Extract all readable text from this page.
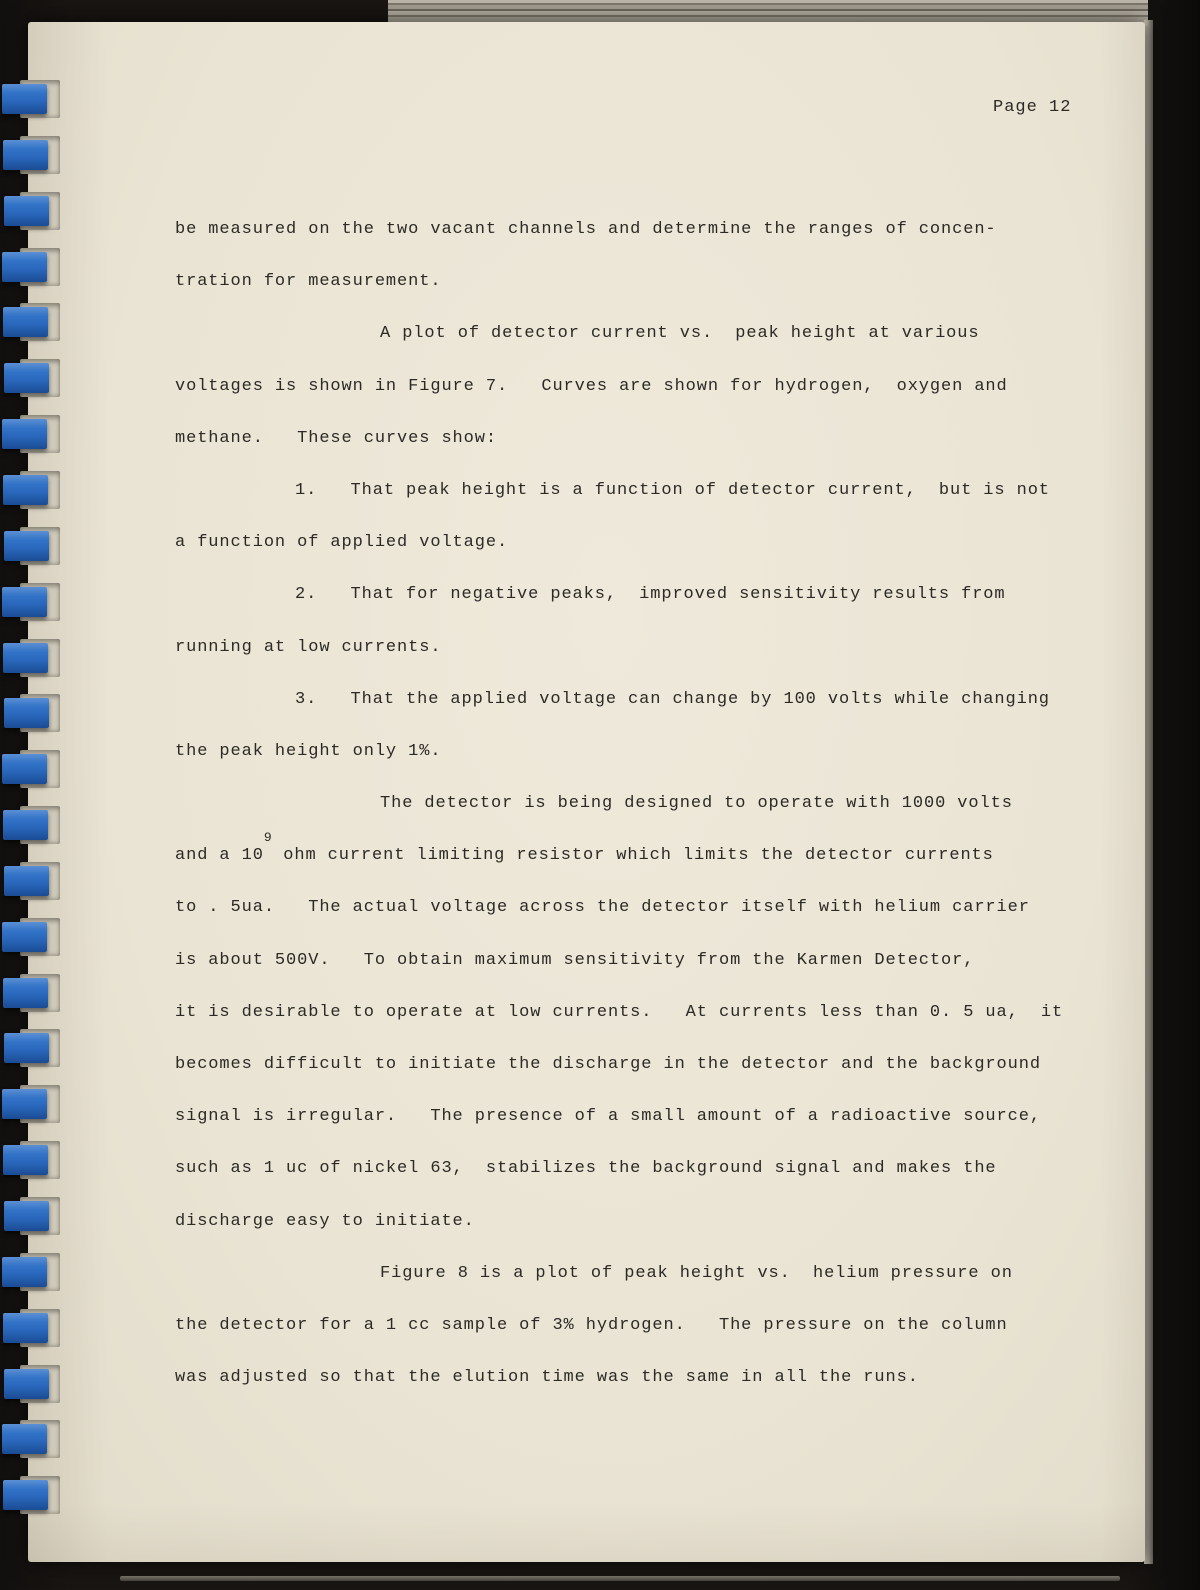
Page 12
be measured on the two vacant channels and determine the ranges of concen-
tration for measurement.
A plot of detector current vs.  peak height at various
voltages is shown in Figure 7.   Curves are shown for hydrogen,  oxygen and
methane.   These curves show:
1.   That peak height is a function of detector current,  but is not
a function of applied voltage.
2.   That for negative peaks,  improved sensitivity results from
running at low currents.
3.   That the applied voltage can change by 100 volts while changing
the peak height only 1%.
The detector is being designed to operate with 1000 volts
and a $10^9$ ohm current limiting resistor which limits the detector currents
to . 5ua.   The actual voltage across the detector itself with helium carrier
is about 500V.   To obtain maximum sensitivity from the Karmen Detector,
it is desirable to operate at low currents.   At currents less than 0. 5 ua,  it
becomes difficult to initiate the discharge in the detector and the background
signal is irregular.   The presence of a small amount of a radioactive source,
such as 1 uc of nickel 63,  stabilizes the background signal and makes the
discharge easy to initiate.
Figure 8 is a plot of peak height vs.  helium pressure on
the detector for a 1 cc sample of 3% hydrogen.   The pressure on the column
was adjusted so that the elution time was the same in all the runs.
